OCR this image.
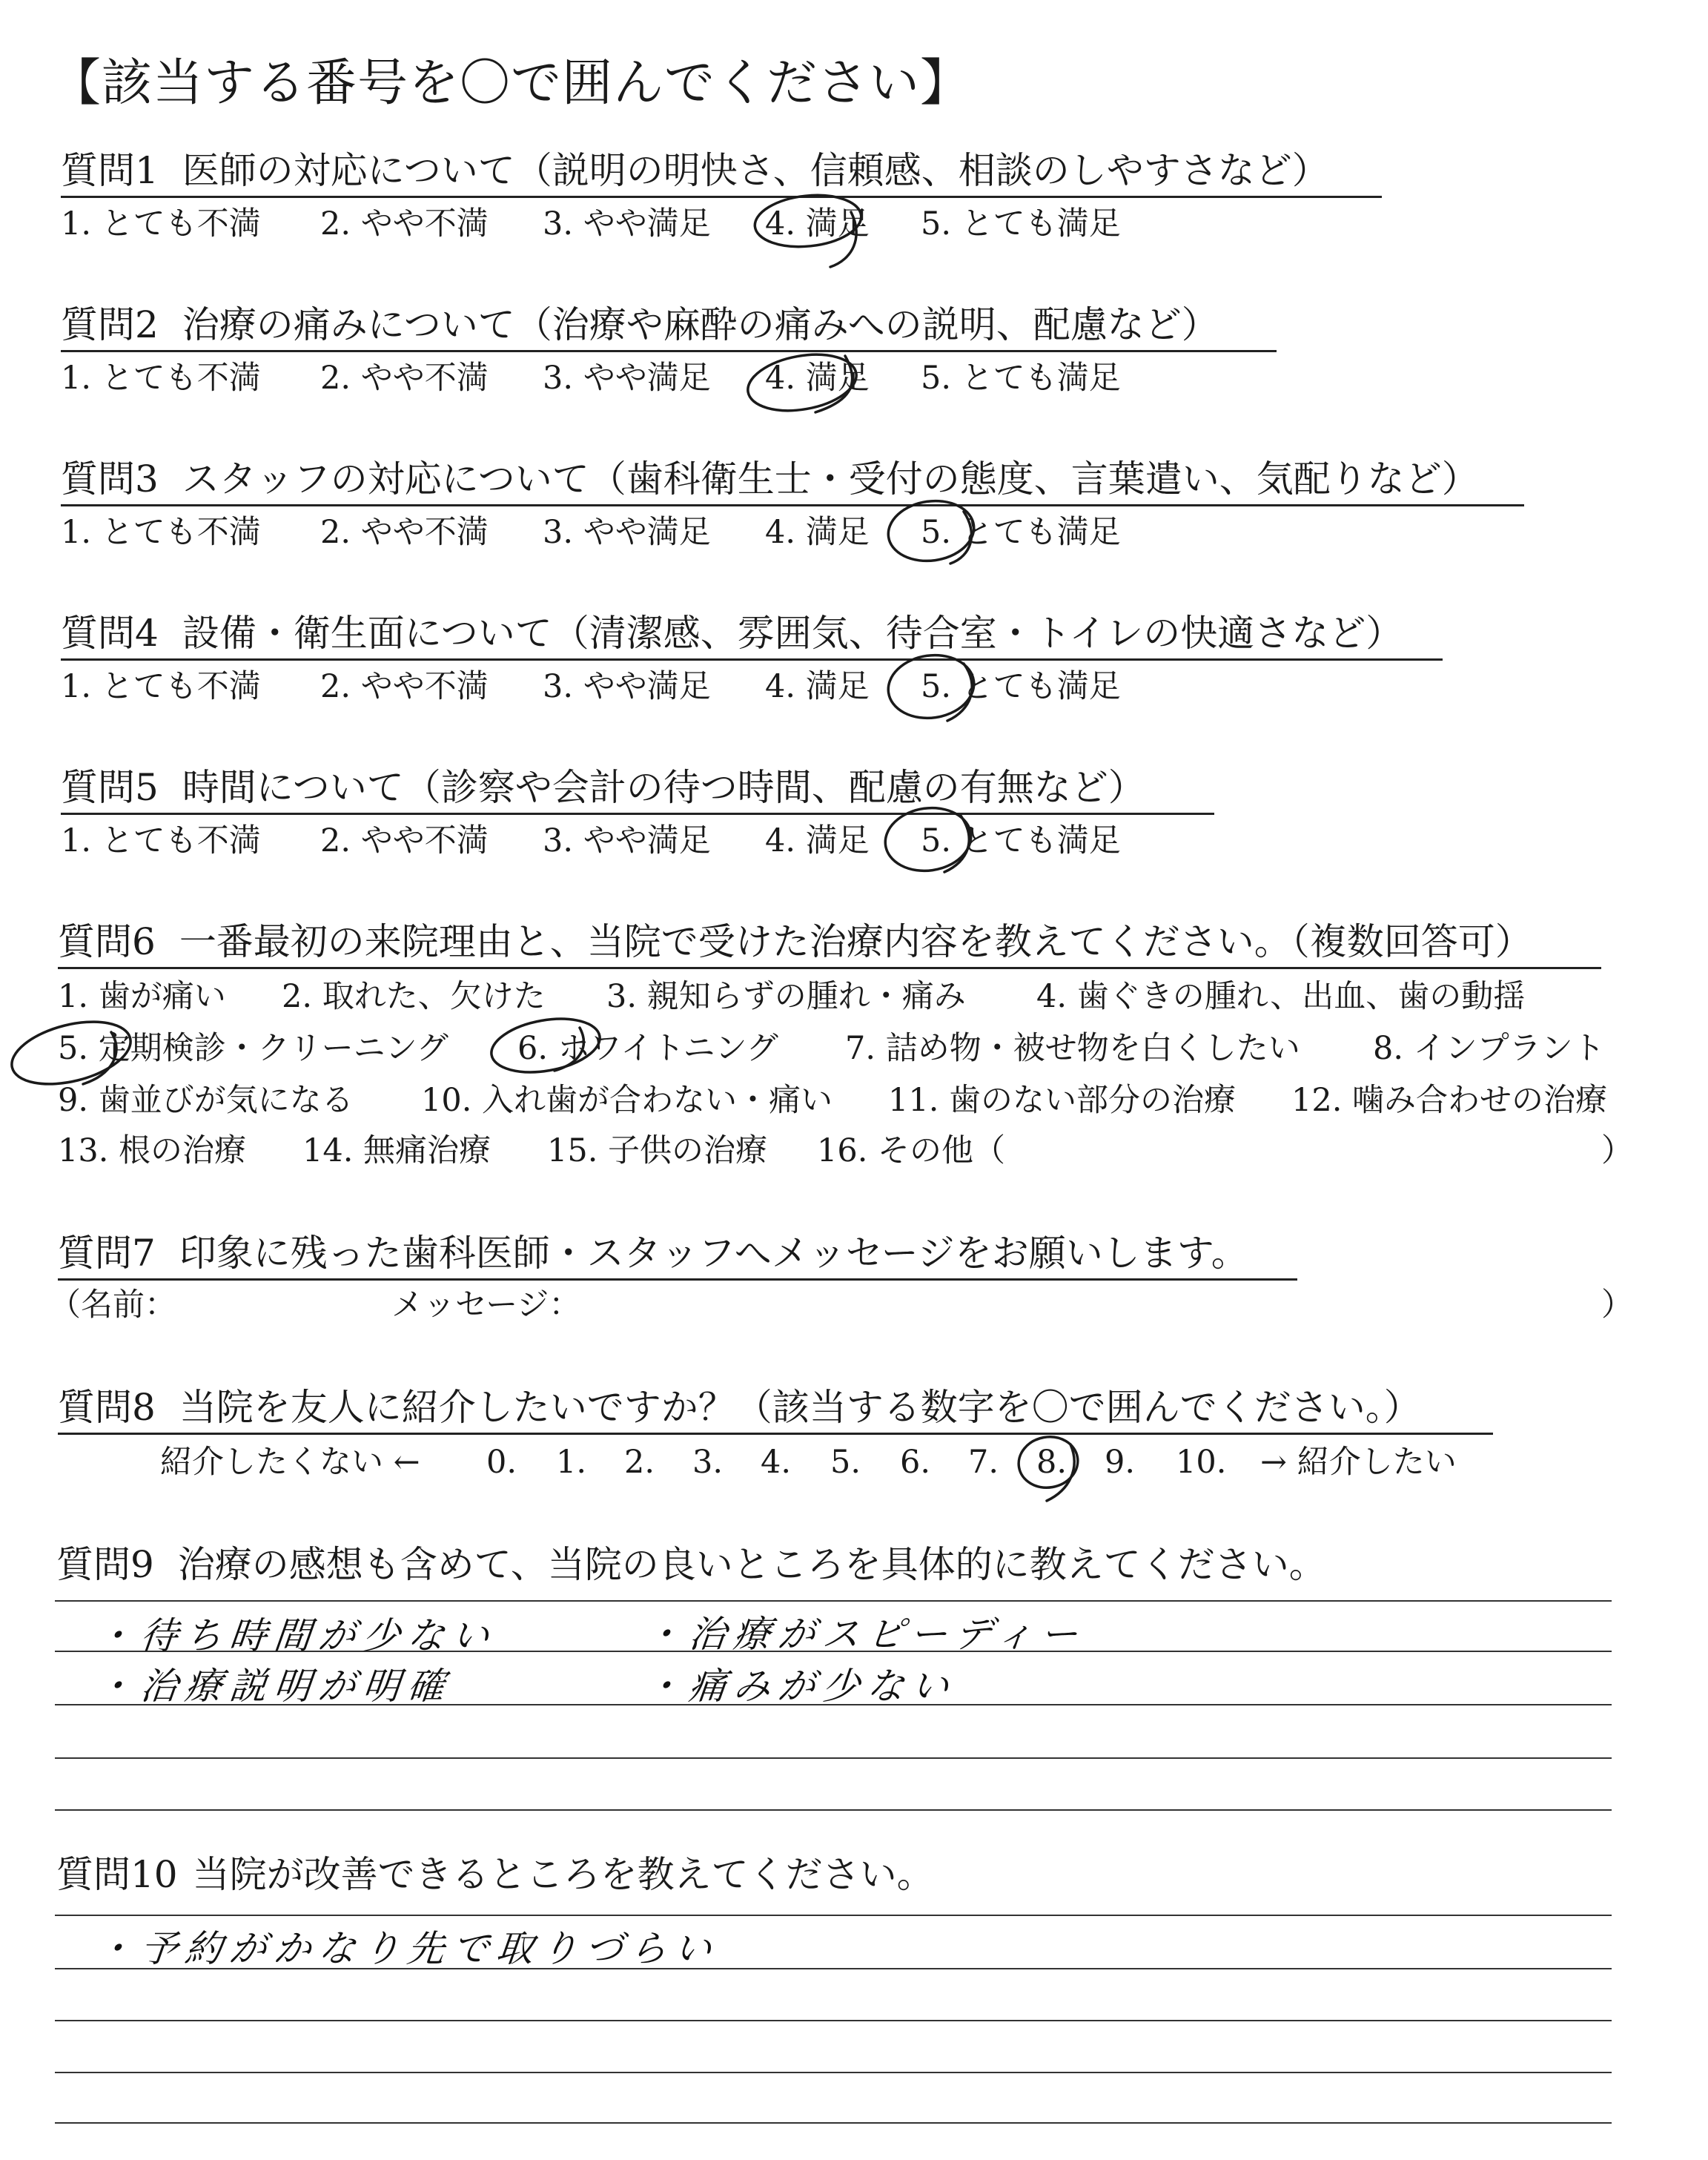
【該当する番号を〇で囲んでください】
質問1 医師の対応について（説明の明快さ、信頼感、相談のしやすさなど）
1. とても不満 2. やや不満 3. やや満足 4. 満足 5. とても満足
質問2 治療の痛みについて（治療や麻酔の痛みへの説明、配慮など）
1. とても不満 2. やや不満 3. やや満足 4. 満足 5. とても満足
質問3 スタッフの対応について（歯科衛生士・受付の態度、言葉遣い、気配りなど）
1. とても不満 2. やや不満 3. やや満足 4. 満足 5. とても満足
質問4 設備・衛生面について（清潔感、雰囲気、待合室・トイレの快適さなど）
1. とても不満 2. やや不満 3. やや満足 4. 満足 5. とても満足
質問5 時間について（診察や会計の待つ時間、配慮の有無など）
1. とても不満 2. やや不満 3. やや満足 4. 満足 5. とても満足
質問6 一番最初の来院理由と、当院で受けた治療内容を教えてください。（複数回答可）
1. 歯が痛い 2. 取れた、欠けた 3. 親知らずの腫れ・痛み 4. 歯ぐきの腫れ、出血、歯の動揺
5. 定期検診・クリーニング 6. ホワイトニング 7. 詰め物・被せ物を白くしたい 8. インプラント
9. 歯並びが気になる 10. 入れ歯が合わない・痛い 11. 歯のない部分の治療 12. 噛み合わせの治療
13. 根の治療 14. 無痛治療 15. 子供の治療 16. その他（	）
質問7 印象に残った歯科医師・スタッフへメッセージをお願いします。
（名前：	メッセージ：	）
質問8 当院を友人に紹介したいですか？（該当する数字を〇で囲んでください。）
紹介したくない ← 0. 1. 2. 3. 4. 5. 6. 7. 8. 9. 10. → 紹介したい
質問9 治療の感想も含めて、当院の良いところを具体的に教えてください。
・待ち時間が少ない	・治療がスピーディー
・治療説明が明確	・痛みが少ない
質問10 当院が改善できるところを教えてください。
・予約がかなり先で取りづらい
